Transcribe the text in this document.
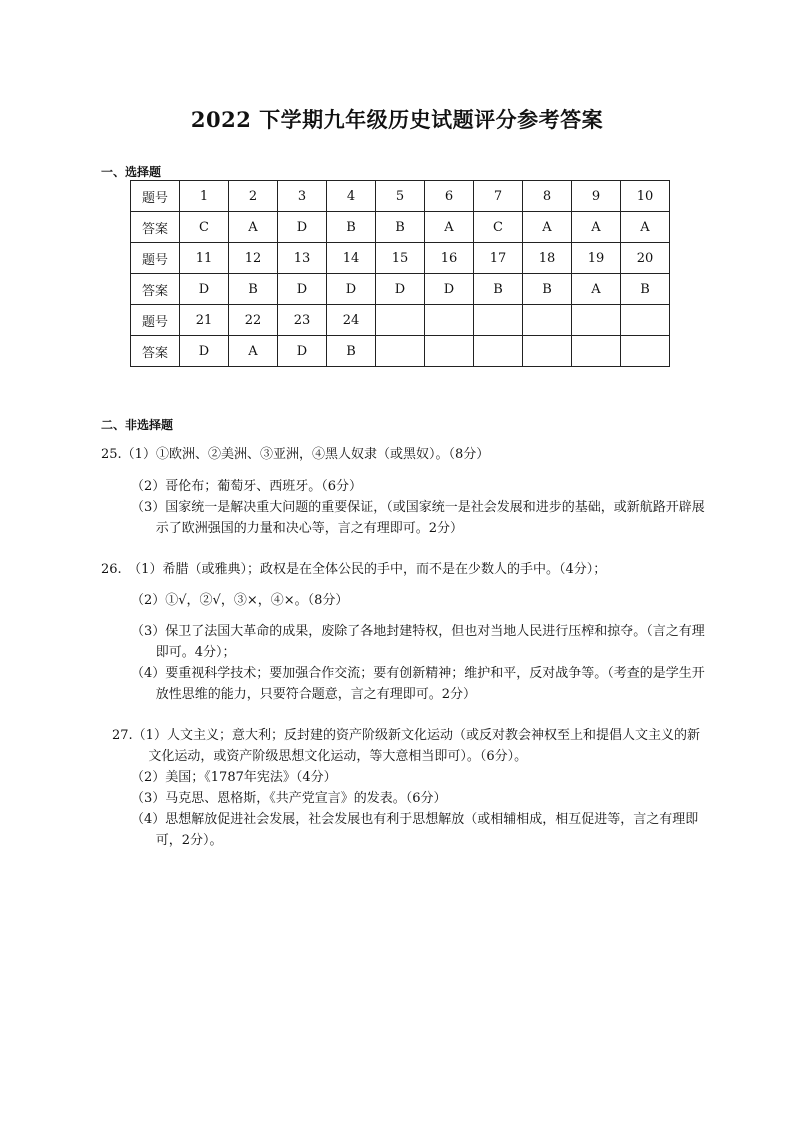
2022 下学期九年级历史试题评分参考答案
一、选择题
题号	1	2	3	4	5	6	7	8	9	10
答案	C	A	D	B	B	A	C	A	A	A
题号	11	12	13	14	15	16	17	18	19	20
答案	D	B	D	D	D	D	B	B	A	B
题号	21	22	23	24						
答案	D	A	D	B						
二、非选择题
25.（1）①欧洲、②美洲、③亚洲，④黑人奴隶（或黑奴）。（8分）
（2）哥伦布；葡萄牙、西班牙。（6分）
（3）国家统一是解决重大问题的重要保证，（或国家统一是社会发展和进步的基础，或新航路开辟展示了欧洲强国的力量和决心等，言之有理即可。2分）
26.　（1）希腊（或雅典）；政权是在全体公民的手中，而不是在少数人的手中。（4分）；
（2）①√，②√，③×，④×。（8分）
（3）保卫了法国大革命的成果，废除了各地封建特权，但也对当地人民进行压榨和掠夺。（言之有理即可。4分）；
（4）要重视科学技术；要加强合作交流；要有创新精神；维护和平，反对战争等。（考查的是学生开放性思维的能力，只要符合题意，言之有理即可。2分）
27.（1）人文主义；意大利；反封建的资产阶级新文化运动（或反对教会神权至上和提倡人文主义的新文化运动，或资产阶级思想文化运动，等大意相当即可）。（6分）。
（2）美国；《1787年宪法》（4分）
（3）马克思、恩格斯，《共产党宣言》的发表。（6分）
（4）思想解放促进社会发展，社会发展也有利于思想解放（或相辅相成，相互促进等，言之有理即可，2分）。
